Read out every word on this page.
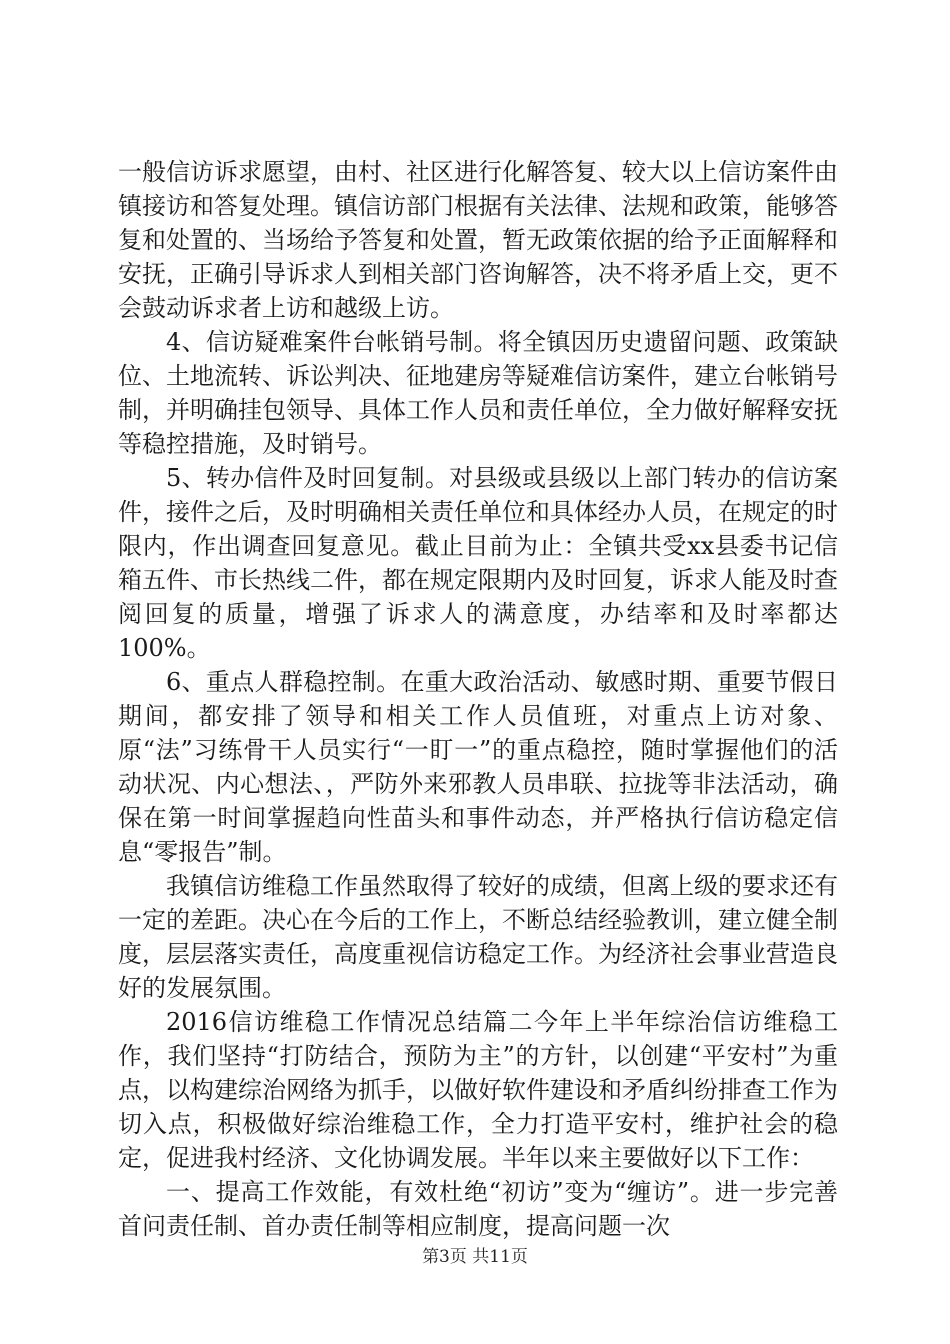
一般信访诉求愿望，由村、社区进行化解答复、较大以上信访案件由镇接访和答复处理。镇信访部门根据有关法律、法规和政策，能够答复和处置的、当场给予答复和处置，暂无政策依据的给予正面解释和安抚，正确引导诉求人到相关部门咨询解答，决不将矛盾上交，更不会鼓动诉求者上访和越级上访。

4、信访疑难案件台帐销号制。将全镇因历史遗留问题、政策缺位、土地流转、诉讼判决、征地建房等疑难信访案件，建立台帐销号制，并明确挂包领导、具体工作人员和责任单位，全力做好解释安抚等稳控措施，及时销号。

5、转办信件及时回复制。对县级或县级以上部门转办的信访案件，接件之后，及时明确相关责任单位和具体经办人员，在规定的时限内，作出调查回复意见。截止目前为止：全镇共受xx县委书记信箱五件、市长热线二件，都在规定限期内及时回复，诉求人能及时查阅回复的质量，增强了诉求人的满意度，办结率和及时率都达100%。

6、重点人群稳控制。在重大政治活动、敏感时期、重要节假日期间，都安排了领导和相关工作人员值班，对重点上访对象、原“法”习练骨干人员实行“一盯一”的重点稳控，随时掌握他们的活动状况、内心想法、，严防外来邪教人员串联、拉拢等非法活动，确保在第一时间掌握趋向性苗头和事件动态，并严格执行信访稳定信息“零报告”制。

我镇信访维稳工作虽然取得了较好的成绩，但离上级的要求还有一定的差距。决心在今后的工作上，不断总结经验教训，建立健全制度，层层落实责任，高度重视信访稳定工作。为经济社会事业营造良好的发展氛围。

2016信访维稳工作情况总结篇二今年上半年综治信访维稳工作，我们坚持“打防结合，预防为主”的方针，以创建“平安村”为重点，以构建综治网络为抓手，以做好软件建设和矛盾纠纷排查工作为切入点，积极做好综治维稳工作，全力打造平安村，维护社会的稳定，促进我村经济、文化协调发展。半年以来主要做好以下工作：

一、提高工作效能，有效杜绝“初访”变为“缠访”。进一步完善首问责任制、首办责任制等相应制度，提高问题一次

第3页 共11页
